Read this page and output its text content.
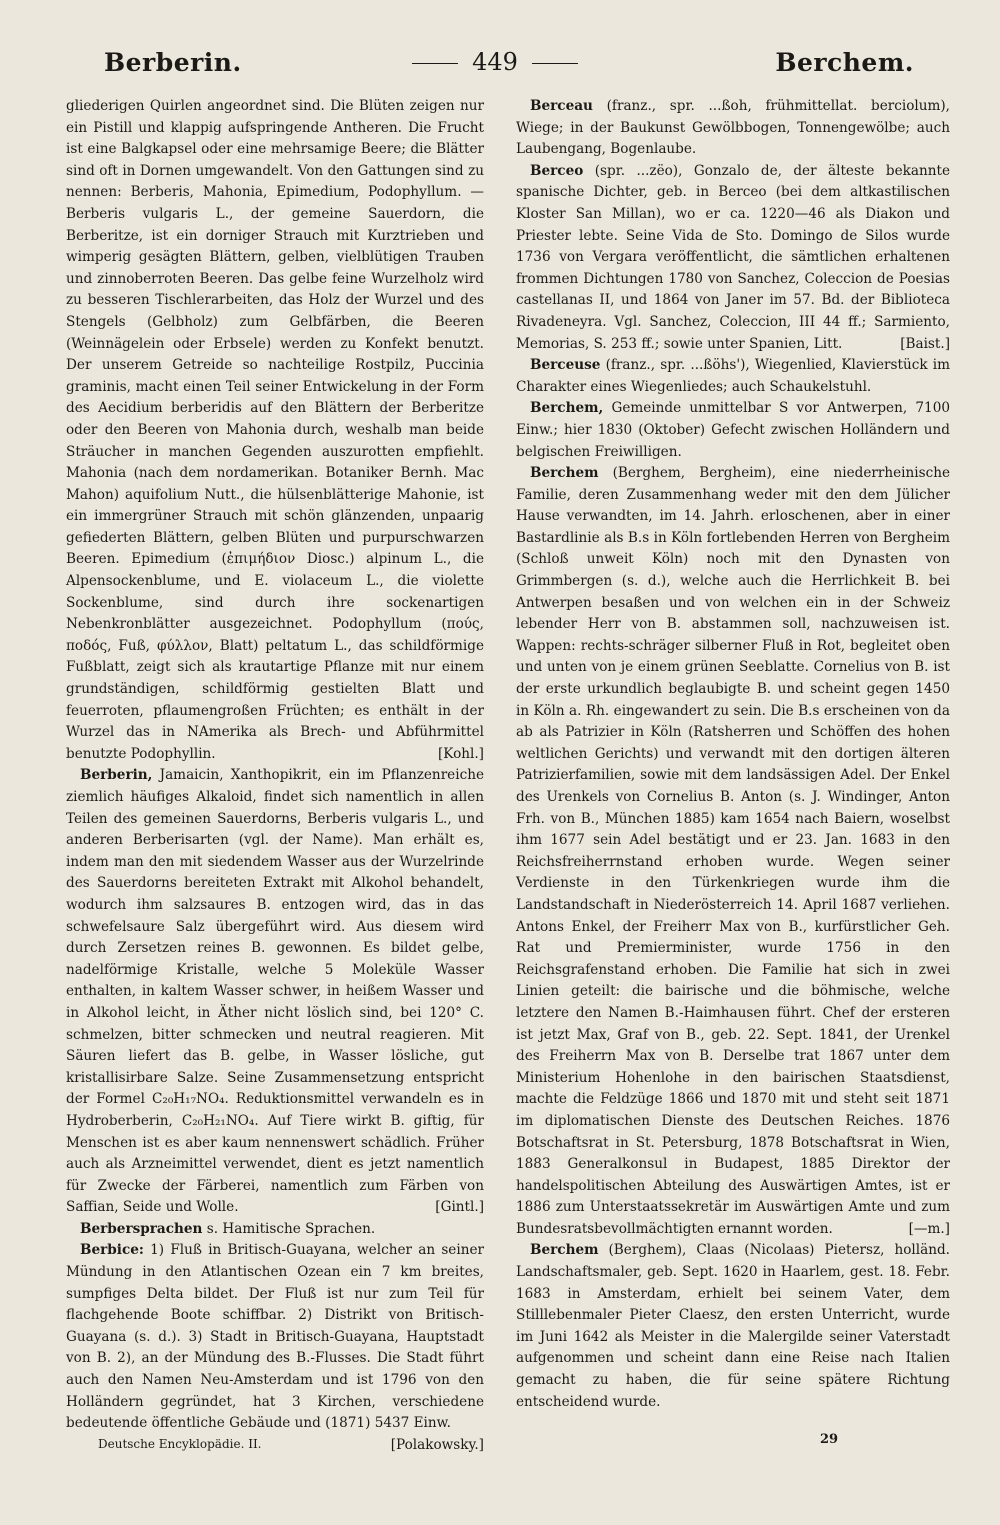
Berberin.	449	Berchem.

gliederigen Quirlen angeordnet sind. Die Blüten zeigen nur ein Pistill und klappig aufspringende Antheren. Die Frucht ist eine Balgkapsel oder eine mehrsamige Beere; die Blätter sind oft in Dornen umgewandelt. Von den Gattungen sind zu nennen: Berberis, Mahonia, Epimedium, Podophyllum. — Berberis vulgaris L., der gemeine Sauerdorn, die Berberitze, ist ein dorniger Strauch mit Kurztrieben und wimperig gesägten Blättern, gelben, vielblütigen Trauben und zinnoberroten Beeren. Das gelbe feine Wurzelholz wird zu besseren Tischlerarbeiten, das Holz der Wurzel und des Stengels (Gelbholz) zum Gelbfärben, die Beeren (Weinnägelein oder Erbsele) werden zu Konfekt benutzt. Der unserem Getreide so nachteilige Rostpilz, Puccinia graminis, macht einen Teil seiner Entwickelung in der Form des Aecidium berberidis auf den Blättern der Berberitze oder den Beeren von Mahonia durch, weshalb man beide Sträucher in manchen Gegenden auszurotten empfiehlt. Mahonia (nach dem nordamerikan. Botaniker Bernh. Mac Mahon) aquifolium Nutt., die hülsenblätterige Mahonie, ist ein immergrüner Strauch mit schön glänzenden, unpaarig gefiederten Blättern, gelben Blüten und purpurschwarzen Beeren. Epimedium (ἐπιμήδιον Diosc.) alpinum L., die Alpensockenblume, und E. violaceum L., die violette Sockenblume, sind durch ihre sockenartigen Nebenkronblätter ausgezeichnet. Podophyllum (πούς, ποδός, Fuß, φύλλον, Blatt) peltatum L., das schildförmige Fußblatt, zeigt sich als krautartige Pflanze mit nur einem grundständigen, schildförmig gestielten Blatt und feuerroten, pflaumengroßen Früchten; es enthält in der Wurzel das in NAmerika als Brech- und Abführmittel benutzte Podophyllin.	[Kohl.]

Berberin, Jamaicin, Xanthopikrit, ein im Pflanzenreiche ziemlich häufiges Alkaloid, findet sich namentlich in allen Teilen des gemeinen Sauerdorns, Berberis vulgaris L., und anderen Berberisarten (vgl. der Name). Man erhält es, indem man den mit siedendem Wasser aus der Wurzelrinde des Sauerdorns bereiteten Extrakt mit Alkohol behandelt, wodurch ihm salzsaures B. entzogen wird, das in das schwefelsaure Salz übergeführt wird. Aus diesem wird durch Zersetzen reines B. gewonnen. Es bildet gelbe, nadelförmige Kristalle, welche 5 Moleküle Wasser enthalten, in kaltem Wasser schwer, in heißem Wasser und in Alkohol leicht, in Äther nicht löslich sind, bei 120° C. schmelzen, bitter schmecken und neutral reagieren. Mit Säuren liefert das B. gelbe, in Wasser lösliche, gut kristallisirbare Salze. Seine Zusammensetzung entspricht der Formel C₂₀H₁₇NO₄. Reduktionsmittel verwandeln es in Hydroberberin, C₂₀H₂₁NO₄. Auf Tiere wirkt B. giftig, für Menschen ist es aber kaum nennenswert schädlich. Früher auch als Arzneimittel verwendet, dient es jetzt namentlich für Zwecke der Färberei, namentlich zum Färben von Saffian, Seide und Wolle.	[Gintl.]

Berbersprachen s. Hamitische Sprachen.

Berbice: 1) Fluß in Britisch-Guayana, welcher an seiner Mündung in den Atlantischen Ozean ein 7 km breites, sumpfiges Delta bildet. Der Fluß ist nur zum Teil für flachgehende Boote schiffbar. 2) Distrikt von Britisch-Guayana (s. d.). 3) Stadt in Britisch-Guayana, Hauptstadt von B. 2), an der Mündung des B.-Flusses. Die Stadt führt auch den Namen Neu-Amsterdam und ist 1796 von den Holländern gegründet, hat 3 Kirchen, verschiedene bedeutende öffentliche Gebäude und (1871) 5437 Einw.
[Polakowsky.]

Berceau (franz., spr. ...ßoh, frühmittellat. berciolum), Wiege; in der Baukunst Gewölbbogen, Tonnengewölbe; auch Laubengang, Bogenlaube.

Berceo (spr. ...zëo), Gonzalo de, der älteste bekannte spanische Dichter, geb. in Berceo (bei dem altkastilischen Kloster San Millan), wo er ca. 1220—46 als Diakon und Priester lebte. Seine Vida de Sto. Domingo de Silos wurde 1736 von Vergara veröffentlicht, die sämtlichen erhaltenen frommen Dichtungen 1780 von Sanchez, Coleccion de Poesias castellanas II, und 1864 von Janer im 57. Bd. der Biblioteca Rivadeneyra. Vgl. Sanchez, Coleccion, III 44 ff.; Sarmiento, Memorias, S. 253 ff.; sowie unter Spanien, Litt.	[Baist.]

Berceuse (franz., spr. ...ßöhs'), Wiegenlied, Klavierstück im Charakter eines Wiegenliedes; auch Schaukelstuhl.

Berchem, Gemeinde unmittelbar S vor Antwerpen, 7100 Einw.; hier 1830 (Oktober) Gefecht zwischen Holländern und belgischen Freiwilligen.

Berchem (Berghem, Bergheim), eine niederrheinische Familie, deren Zusammenhang weder mit den dem Jülicher Hause verwandten, im 14. Jahrh. erloschenen, aber in einer Bastardlinie als B.s in Köln fortlebenden Herren von Bergheim (Schloß unweit Köln) noch mit den Dynasten von Grimmbergen (s. d.), welche auch die Herrlichkeit B. bei Antwerpen besaßen und von welchen ein in der Schweiz lebender Herr von B. abstammen soll, nachzuweisen ist. Wappen: rechts-schräger silberner Fluß in Rot, begleitet oben und unten von je einem grünen Seeblatte. Cornelius von B. ist der erste urkundlich beglaubigte B. und scheint gegen 1450 in Köln a. Rh. eingewandert zu sein. Die B.s erscheinen von da ab als Patrizier in Köln (Ratsherren und Schöffen des hohen weltlichen Gerichts) und verwandt mit den dortigen älteren Patrizierfamilien, sowie mit dem landsässigen Adel. Der Enkel des Urenkels von Cornelius B. Anton (s. J. Windinger, Anton Frh. von B., München 1885) kam 1654 nach Baiern, woselbst ihm 1677 sein Adel bestätigt und er 23. Jan. 1683 in den Reichsfreiherrnstand erhoben wurde. Wegen seiner Verdienste in den Türkenkriegen wurde ihm die Landstandschaft in Niederösterreich 14. April 1687 verliehen. Antons Enkel, der Freiherr Max von B., kurfürstlicher Geh. Rat und Premierminister, wurde 1756 in den Reichsgrafenstand erhoben. Die Familie hat sich in zwei Linien geteilt: die bairische und die böhmische, welche letztere den Namen B.-Haimhausen führt. Chef der ersteren ist jetzt Max, Graf von B., geb. 22. Sept. 1841, der Urenkel des Freiherrn Max von B. Derselbe trat 1867 unter dem Ministerium Hohenlohe in den bairischen Staatsdienst, machte die Feldzüge 1866 und 1870 mit und steht seit 1871 im diplomatischen Dienste des Deutschen Reiches. 1876 Botschaftsrat in St. Petersburg, 1878 Botschaftsrat in Wien, 1883 Generalkonsul in Budapest, 1885 Direktor der handelspolitischen Abteilung des Auswärtigen Amtes, ist er 1886 zum Unterstaatssekretär im Auswärtigen Amte und zum Bundesratsbevollmächtigten ernannt worden.	[—m.]

Berchem (Berghem), Claas (Nicolaas) Pietersz, holländ. Landschaftsmaler, geb. Sept. 1620 in Haarlem, gest. 18. Febr. 1683 in Amsterdam, erhielt bei seinem Vater, dem Stilllebenmaler Pieter Claesz, den ersten Unterricht, wurde im Juni 1642 als Meister in die Malergilde seiner Vaterstadt aufgenommen und scheint dann eine Reise nach Italien gemacht zu haben, die für seine spätere Richtung entscheidend wurde.

Deutsche Encyklopädie. II.	29
